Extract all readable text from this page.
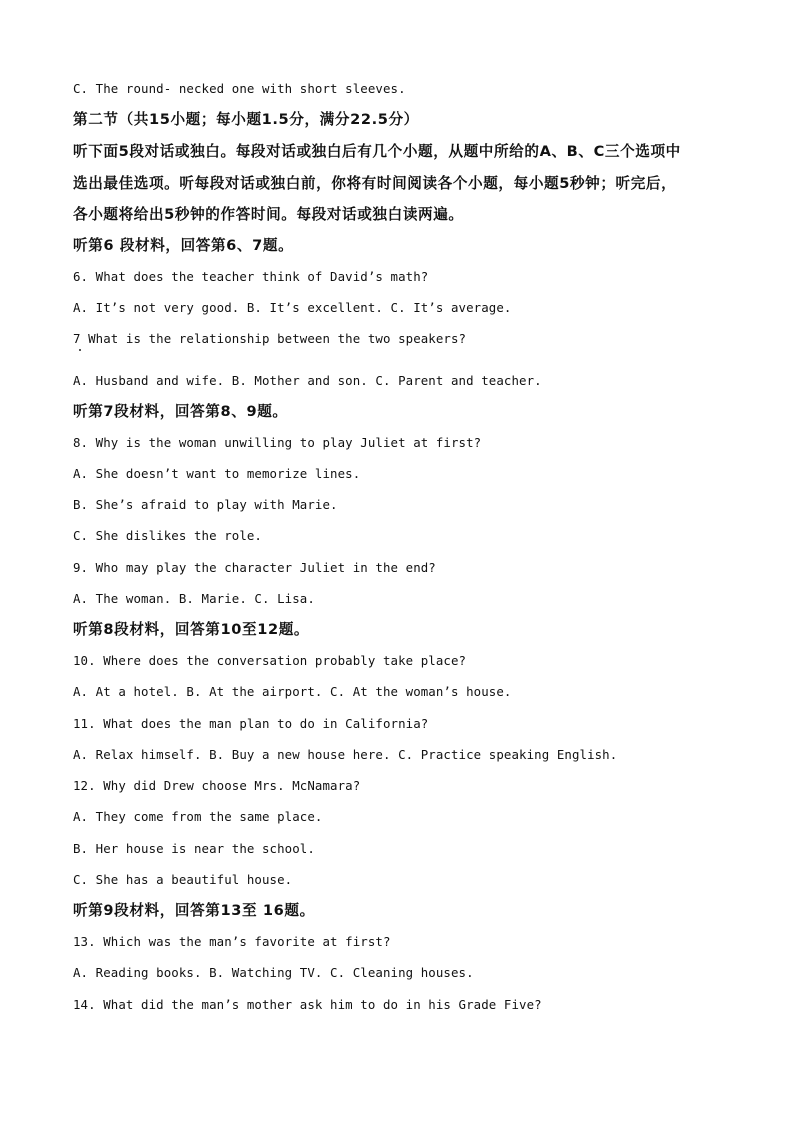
C. The round- necked one with short sleeves.
第二节（共15小题；每小题1.5分，满分22.5分）
听下面5段对话或独白。每段对话或独白后有几个小题，从题中所给的A、B、C三个选项中
选出最佳选项。听每段对话或独白前，你将有时间阅读各个小题，每小题5秒钟；听完后，
各小题将给出5秒钟的作答时间。每段对话或独白读两遍。
听第6 段材料，回答第6、7题。
6. What does the teacher think of David’s math?
A. It’s not very good. B. It’s excellent. C. It’s average.
7 What is the relationship between the two speakers?
A. Husband and wife. B. Mother and son. C. Parent and teacher.
听第7段材料，回答第8、9题。
8. Why is the woman unwilling to play Juliet at first?
A. She doesn’t want to memorize lines.
B. She’s afraid to play with Marie.
C. She dislikes the role.
9. Who may play the character Juliet in the end?
A. The woman. B. Marie. C. Lisa.
听第8段材料，回答第10至12题。
10. Where does the conversation probably take place?
A. At a hotel. B. At the airport. C. At the woman’s house.
11. What does the man plan to do in California?
A. Relax himself. B. Buy a new house here. C. Practice speaking English.
12. Why did Drew choose Mrs. McNamara?
A. They come from the same place.
B. Her house is near the school.
C. She has a beautiful house.
听第9段材料，回答第13至 16题。
13. Which was the man’s favorite at first?
A. Reading books. B. Watching TV. C. Cleaning houses.
14. What did the man’s mother ask him to do in his Grade Five?
